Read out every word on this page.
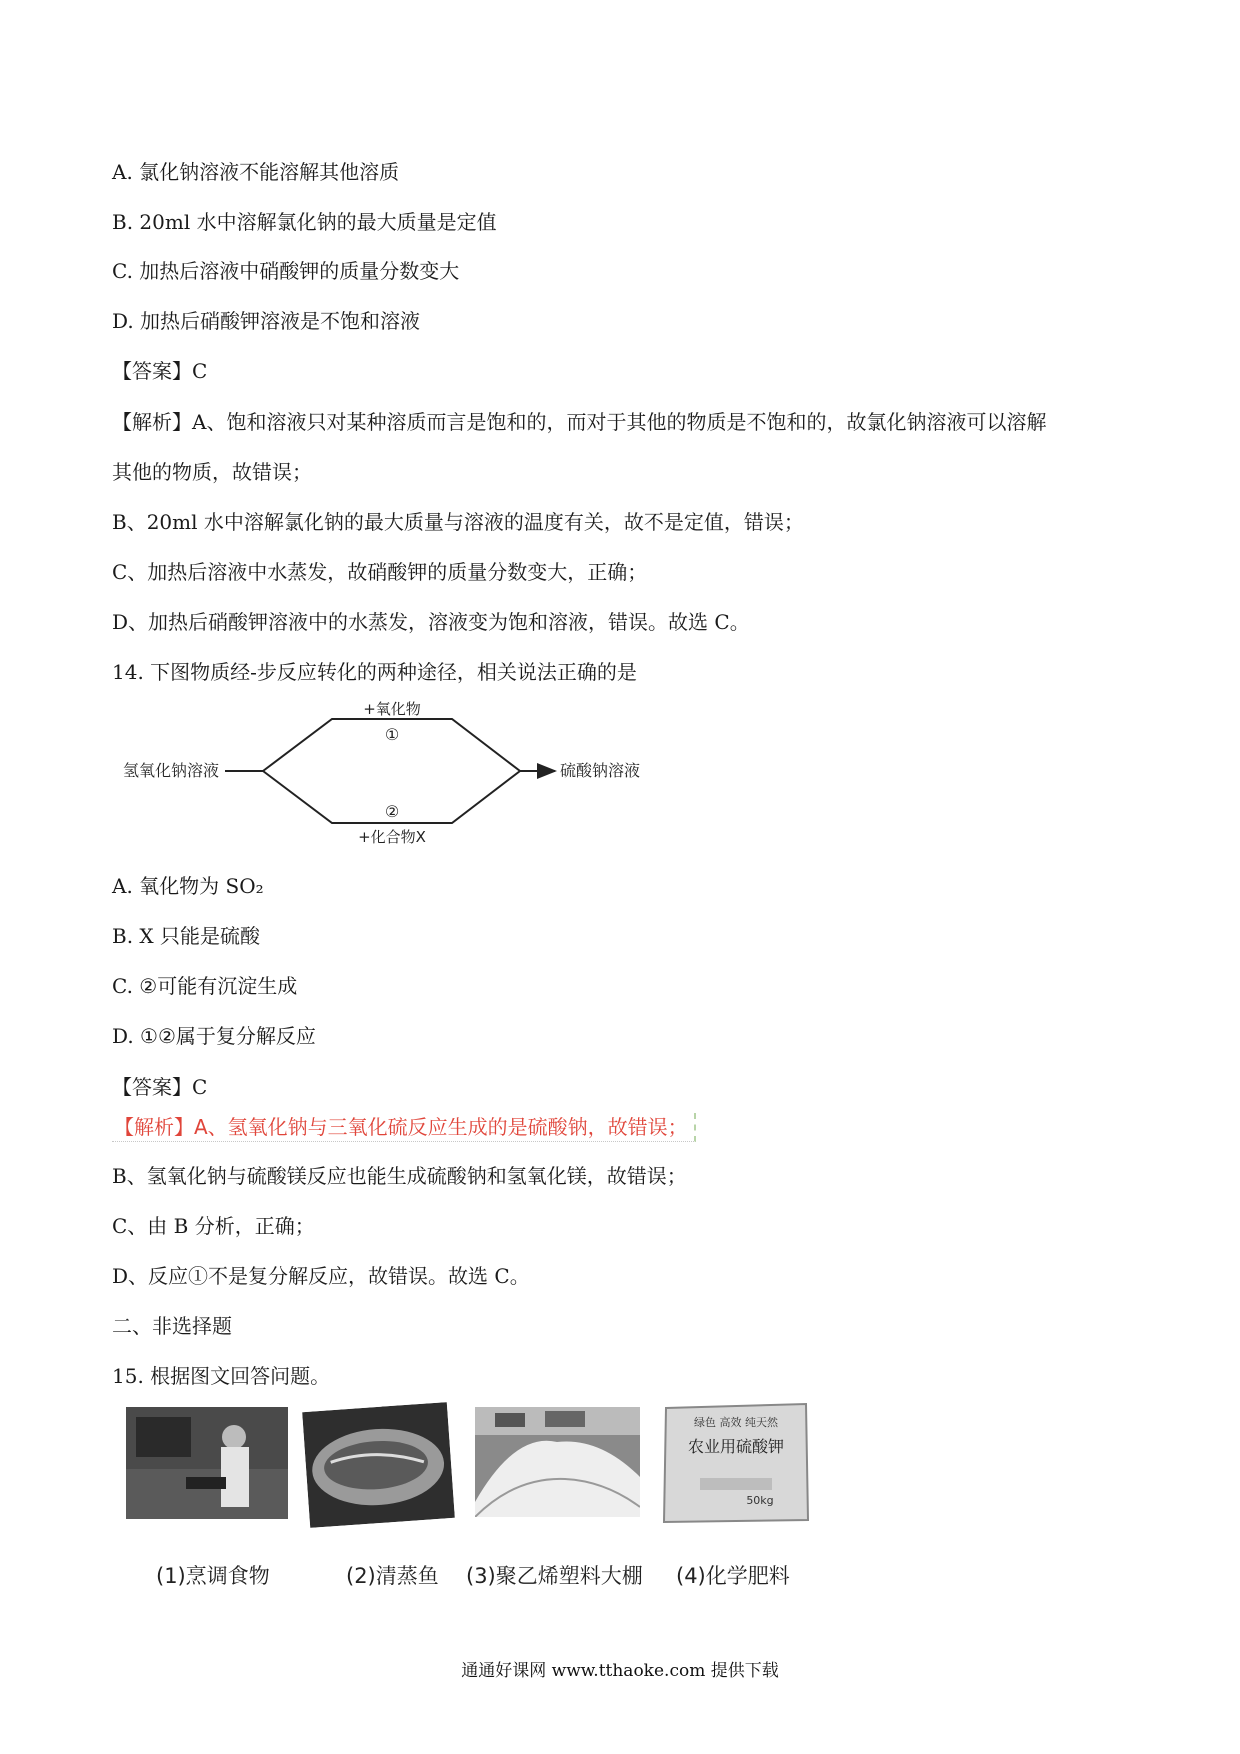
A. 氯化钠溶液不能溶解其他溶质
B. 20ml 水中溶解氯化钠的最大质量是定值
C. 加热后溶液中硝酸钾的质量分数变大
D. 加热后硝酸钾溶液是不饱和溶液
【答案】C
【解析】A、饱和溶液只对某种溶质而言是饱和的，而对于其他的物质是不饱和的，故氯化钠溶液可以溶解
其他的物质，故错误；
B、20ml 水中溶解氯化钠的最大质量与溶液的温度有关，故不是定值，错误；
C、加热后溶液中水蒸发，故硝酸钾的质量分数变大，正确；
D、加热后硝酸钾溶液中的水蒸发，溶液变为饱和溶液，错误。故选 C。
14. 下图物质经-步反应转化的两种途径，相关说法正确的是
氢氧化钠溶液	硫酸钠溶液
+氧化物
①
②
+化合物X
A. 氧化物为 SO₂
B. X 只能是硫酸
C. ②可能有沉淀生成
D. ①②属于复分解反应
【答案】C
【解析】A、氢氧化钠与三氧化硫反应生成的是硫酸钠，故错误；
B、氢氧化钠与硫酸镁反应也能生成硫酸钠和氢氧化镁，故错误；
C、由 B 分析，正确；
D、反应①不是复分解反应，故错误。故选 C。
二、非选择题
15. 根据图文回答问题。
绿色 高效 纯天然
农业用硫酸钾
50kg
(1)烹调食物	(2)清蒸鱼 (3)聚乙烯塑料大棚 (4)化学肥料
通通好课网 www.tthaoke.com 提供下载
